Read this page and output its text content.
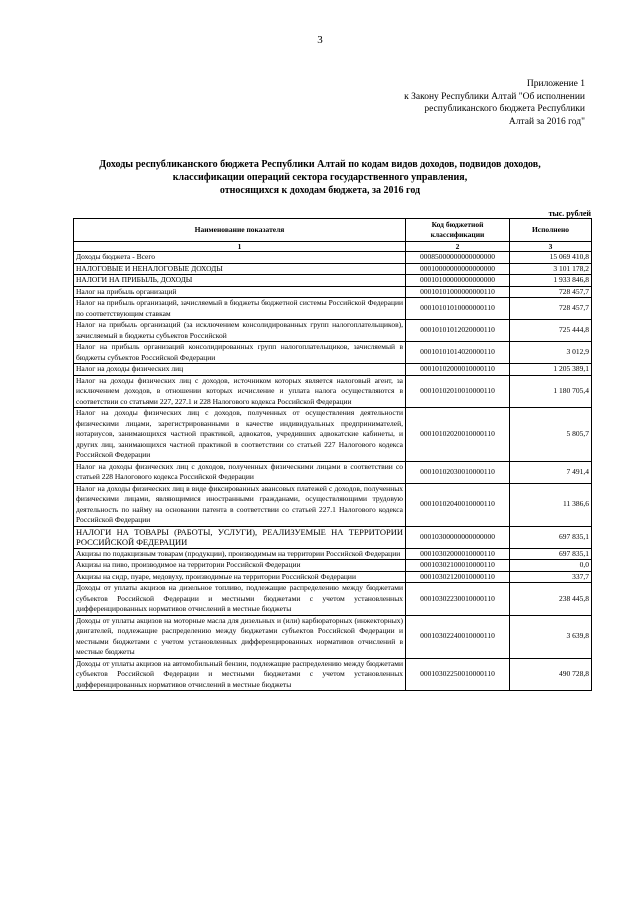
3
Приложение 1
к Закону Республики Алтай "Об исполнении
республиканского бюджета Республики
Алтай за 2016 год"
Доходы республиканского бюджета Республики Алтай по кодам видов доходов, подвидов доходов,
классификации операций сектора государственного управления,
относящихся к доходам бюджета, за 2016 год
тыс. рублей
Наименование показателя	Код бюджетной классификации	Исполнено
1	2	3
Доходы бюджета - Всего	00085000000000000000	15 069 410,8
НАЛОГОВЫЕ И НЕНАЛОГОВЫЕ ДОХОДЫ	00010000000000000000	3 101 178,2
НАЛОГИ НА ПРИБЫЛЬ, ДОХОДЫ	00010100000000000000	1 933 846,8
Налог на прибыль организаций	00010101000000000110	728 457,7
Налог на прибыль организаций, зачисляемый в бюджеты бюджетной системы Российской Федерации по соответствующим ставкам	00010101010000000110	728 457,7
Налог на прибыль организаций (за исключением консолидированных групп налогоплательщиков), зачисляемый в бюджеты субъектов Российской	00010101012020000110	725 444,8
Налог на прибыль организаций консолидированных групп налогоплательщиков, зачисляемый в бюджеты субъектов Российской Федерации	00010101014020000110	3 012,9
Налог на доходы физических лиц	00010102000010000110	1 205 389,1
Налог на доходы физических лиц с доходов, источником которых является налоговый агент, за исключением доходов, в отношении которых исчисление и уплата налога осуществляются в соответствии со статьями 227, 227.1 и 228 Налогового кодекса Российской Федерации	00010102010010000110	1 180 705,4
Налог на доходы физических лиц с доходов, полученных от осуществления деятельности физическими лицами, зарегистрированными в качестве индивидуальных предпринимателей, нотариусов, занимающихся частной практикой, адвокатов, учредивших адвокатские кабинеты, и других лиц, занимающихся частной практикой в соответствии со статьей 227 Налогового кодекса Российской Федерации	00010102020010000110	5 805,7
Налог на доходы физических лиц с доходов, полученных физическими лицами в соответствии со статьей 228 Налогового кодекса Российской Федерации	00010102030010000110	7 491,4
Налог на доходы физических лиц в виде фиксированных авансовых платежей с доходов, полученных физическими лицами, являющимися иностранными гражданами, осуществляющими трудовую деятельность по найму на основании патента в соответствии со статьей 227.1 Налогового кодекса Российской Федерации	00010102040010000110	11 386,6
НАЛОГИ НА ТОВАРЫ (РАБОТЫ, УСЛУГИ), РЕАЛИЗУЕМЫЕ НА ТЕРРИТОРИИ РОССИЙСКОЙ ФЕДЕРАЦИИ	00010300000000000000	697 835,1
Акцизы по подакцизным товарам (продукции), производимым на территории Российской Федерации	00010302000010000110	697 835,1
Акцизы на пиво, производимое на территории Российской Федерации	00010302100010000110	0,0
Акцизы на сидр, пуаре, медовуху, производимые на территории Российской Федерации	00010302120010000110	337,7
Доходы от уплаты акцизов на дизельное топливо, подлежащие распределению между бюджетами субъектов Российской Федерации и местными бюджетами с учетом установленных дифференцированных нормативов отчислений в местные бюджеты	00010302230010000110	238 445,8
Доходы от уплаты акцизов на моторные масла для дизельных и (или) карбюраторных (инжекторных) двигателей, подлежащие распределению между бюджетами субъектов Российской Федерации и местными бюджетами с учетом установленных дифференцированных нормативов отчислений в местные бюджеты	00010302240010000110	3 639,8
Доходы от уплаты акцизов на автомобильный бензин, подлежащие распределению между бюджетами субъектов Российской Федерации и местными бюджетами с учетом установленных дифференцированных нормативов отчислений в местные бюджеты	00010302250010000110	490 728,8
